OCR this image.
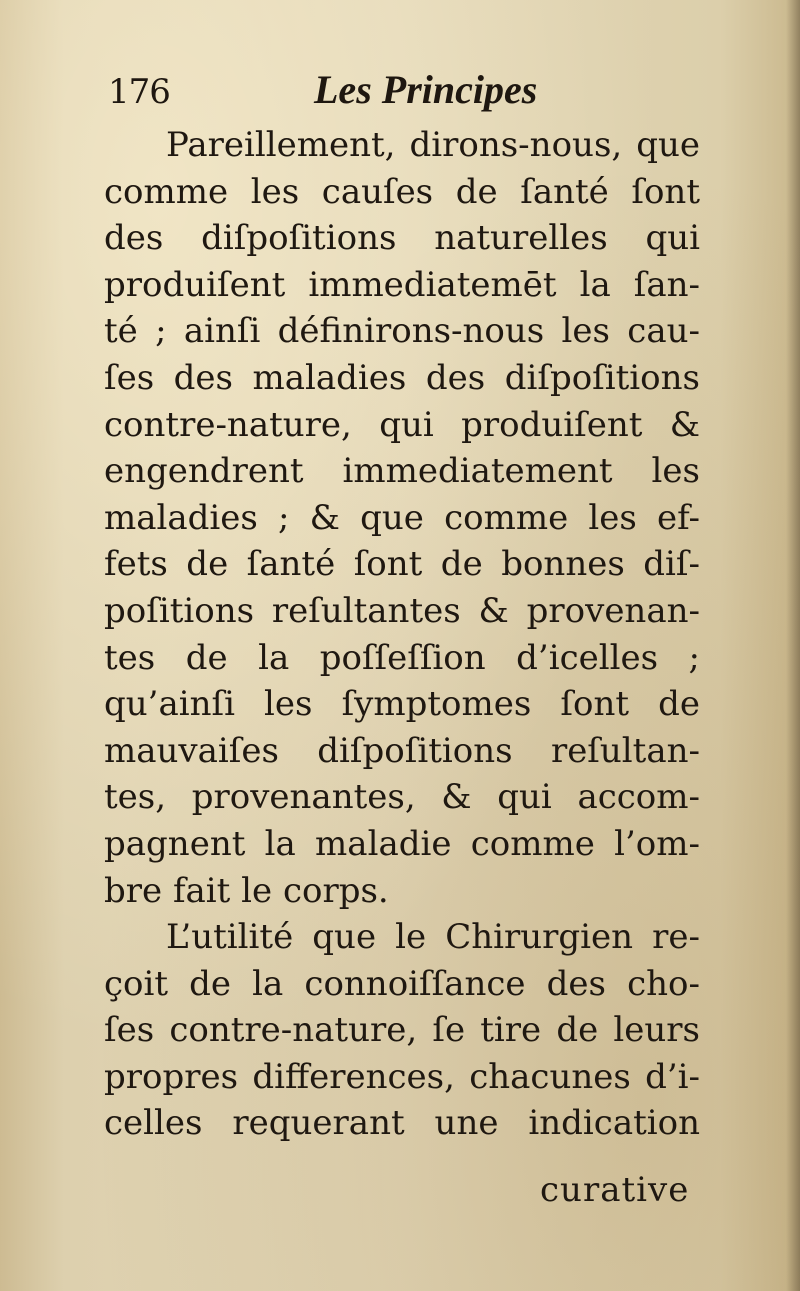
176	Les Principes
Pareillement, dirons-nous, que
comme les cauſes de ſanté ſont
des diſpoſitions naturelles qui
produiſent immediatemēt la ſan-
té ; ainſi définirons-nous les cau-
ſes des maladies des diſpoſitions
contre-nature, qui produiſent &
engendrent immediatement les
maladies ; & que comme les ef-
fets de ſanté ſont de bonnes diſ-
poſitions reſultantes & provenan-
tes de la poſſeſſion d’icelles ;
qu’ainſi les ſymptomes ſont de
mauvaiſes diſpoſitions reſultan-
tes, provenantes, & qui accom-
pagnent la maladie comme l’om-
bre fait le corps.
L’utilité que le Chirurgien re-
çoit de la connoiſſance des cho-
ſes contre-nature, ſe tire de leurs
propres differences, chacunes d’i-
celles requerant une indication
curative
